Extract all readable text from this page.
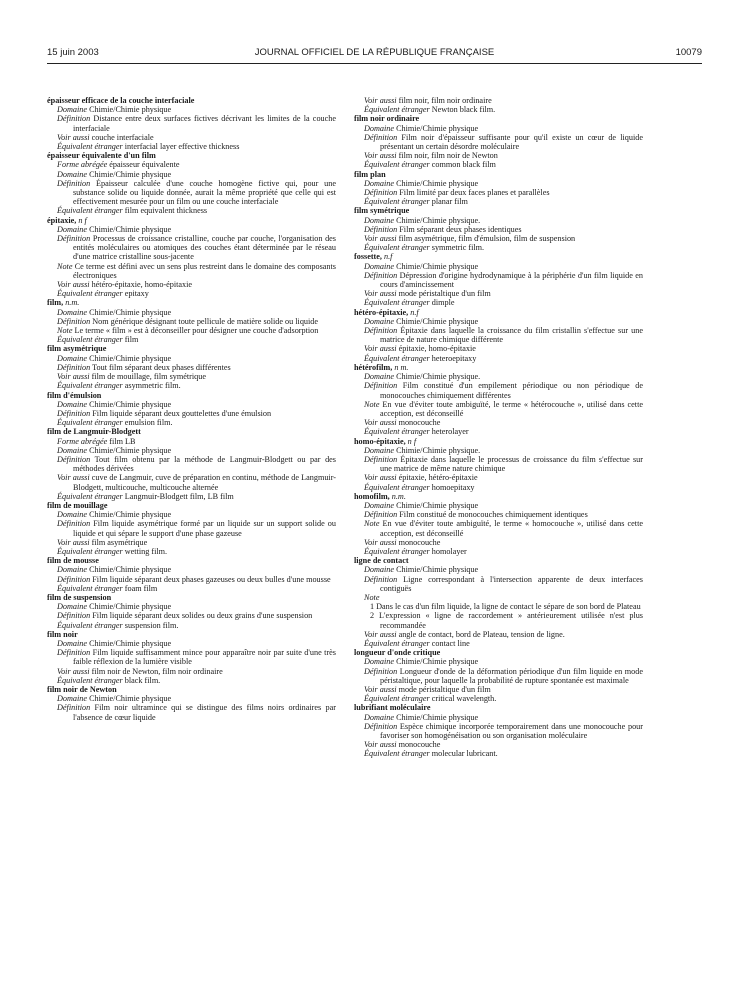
15 juin 2003	JOURNAL OFFICIEL DE LA RÉPUBLIQUE FRANÇAISE	10079
épaisseur efficace de la couche interfaciale
Domaine Chimie/Chimie physique
Définition Distance entre deux surfaces fictives décrivant les limites de la couche interfaciale
Voir aussi couche interfaciale
Équivalent étranger interfacial layer effective thickness
épaisseur équivalente d'un film
Forme abrégée épaisseur équivalente
Domaine Chimie/Chimie physique
Définition Épaisseur calculée d'une couche homogène fictive qui, pour une substance solide ou liquide donnée, aurait la même propriété que celle qui est effectivement mesurée pour un film ou une couche interfaciale
Équivalent étranger film equivalent thickness
épitaxie, n f
Domaine Chimie/Chimie physique
Définition Processus de croissance cristalline, couche par couche, l'organisation des entités moléculaires ou atomiques des couches étant déterminée par le réseau d'une matrice cristalline sous-jacente
Note Ce terme est défini avec un sens plus restreint dans le domaine des composants électroniques
Voir aussi hétéro-épitaxie, homo-épitaxie
Équivalent étranger epitaxy
film, n.m.
Domaine Chimie/Chimie physique
Définition Nom générique désignant toute pellicule de matière solide ou liquide
Note Le terme « film » est à déconseiller pour désigner une couche d'adsorption
Équivalent étranger film
film asymétrique
Domaine Chimie/Chimie physique
Définition Tout film séparant deux phases différentes
Voir aussi film de mouillage, film symétrique
Équivalent étranger asymmetric film.
film d'émulsion
Domaine Chimie/Chimie physique
Définition Film liquide séparant deux gouttelettes d'une émulsion
Équivalent étranger emulsion film.
film de Langmuir-Blodgett
Forme abrégée film LB
Domaine Chimie/Chimie physique
Définition Tout film obtenu par la méthode de Langmuir-Blodgett ou par des méthodes dérivées
Voir aussi cuve de Langmuir, cuve de préparation en continu, méthode de Langmuir-Blodgett, multicouche, multicouche alternée
Équivalent étranger Langmuir-Blodgett film, LB film
film de mouillage
Domaine Chimie/Chimie physique
Définition Film liquide asymétrique formé par un liquide sur un support solide ou liquide et qui sépare le support d'une phase gazeuse
Voir aussi film asymétrique
Équivalent étranger wetting film.
film de mousse
Domaine Chimie/Chimie physique
Définition Film liquide séparant deux phases gazeuses ou deux bulles d'une mousse
Équivalent étranger foam film
film de suspension
Domaine Chimie/Chimie physique
Définition Film liquide séparant deux solides ou deux grains d'une suspension
Équivalent étranger suspension film.
film noir
Domaine Chimie/Chimie physique
Définition Film liquide suffisamment mince pour apparaître noir par suite d'une très faible réflexion de la lumière visible
Voir aussi film noir de Newton, film noir ordinaire
Équivalent étranger black film.
film noir de Newton
Domaine Chimie/Chimie physique
Définition Film noir ultramince qui se distingue des films noirs ordinaires par l'absence de cœur liquide
Voir aussi film noir, film noir ordinaire
Équivalent étranger Newton black film.
film noir ordinaire
Domaine Chimie/Chimie physique
Définition Film noir d'épaisseur suffisante pour qu'il existe un cœur de liquide présentant un certain désordre moléculaire
Voir aussi film noir, film noir de Newton
Équivalent étranger common black film
film plan
Domaine Chimie/Chimie physique
Définition Film limité par deux faces planes et parallèles
Équivalent étranger planar film
film symétrique
Domaine Chimie/Chimie physique.
Définition Film séparant deux phases identiques
Voir aussi film asymétrique, film d'émulsion, film de suspension
Équivalent étranger symmetric film.
fossette, n.f
Domaine Chimie/Chimie physique
Définition Dépression d'origine hydrodynamique à la périphérie d'un film liquide en cours d'amincissement
Voir aussi mode péristaltique d'un film
Équivalent étranger dimple
hétéro-épitaxie, n.f
Domaine Chimie/Chimie physique
Définition Épitaxie dans laquelle la croissance du film cristallin s'effectue sur une matrice de nature chimique différente
Voir aussi épitaxie, homo-épitaxie
Équivalent étranger heteroepitaxy
hétérofilm, n m.
Domaine Chimie/Chimie physique.
Définition Film constitué d'un empilement périodique ou non périodique de monocouches chimiquement différentes
Note En vue d'éviter toute ambiguïté, le terme « hétérocouche », utilisé dans cette acception, est déconseillé
Voir aussi monocouche
Équivalent étranger heterolayer
homo-épitaxie, n f
Domaine Chimie/Chimie physique.
Définition Épitaxie dans laquelle le processus de croissance du film s'effectue sur une matrice de même nature chimique
Voir aussi épitaxie, hétéro-épitaxie
Équivalent étranger homoepitaxy
homofilm, n.m.
Domaine Chimie/Chimie physique
Définition Film constitué de monocouches chimiquement identiques
Note En vue d'éviter toute ambiguïté, le terme « homocouche », utilisé dans cette acception, est déconseillé
Voir aussi monocouche
Équivalent étranger homolayer
ligne de contact
Domaine Chimie/Chimie physique
Définition Ligne correspondant à l'intersection apparente de deux interfaces contiguës
Note
1 Dans le cas d'un film liquide, la ligne de contact le sépare de son bord de Plateau
2 L'expression « ligne de raccordement » antérieurement utilisée n'est plus recommandée
Voir aussi angle de contact, bord de Plateau, tension de ligne.
Équivalent étranger contact line
longueur d'onde critique
Domaine Chimie/Chimie physique
Définition Longueur d'onde de la déformation périodique d'un film liquide en mode péristaltique, pour laquelle la probabilité de rupture spontanée est maximale
Voir aussi mode péristaltique d'un film
Équivalent étranger critical wavelength.
lubrifiant moléculaire
Domaine Chimie/Chimie physique
Définition Espèce chimique incorporée temporairement dans une monocouche pour favoriser son homogénéisation ou son organisation moléculaire
Voir aussi monocouche
Équivalent étranger molecular lubricant.
